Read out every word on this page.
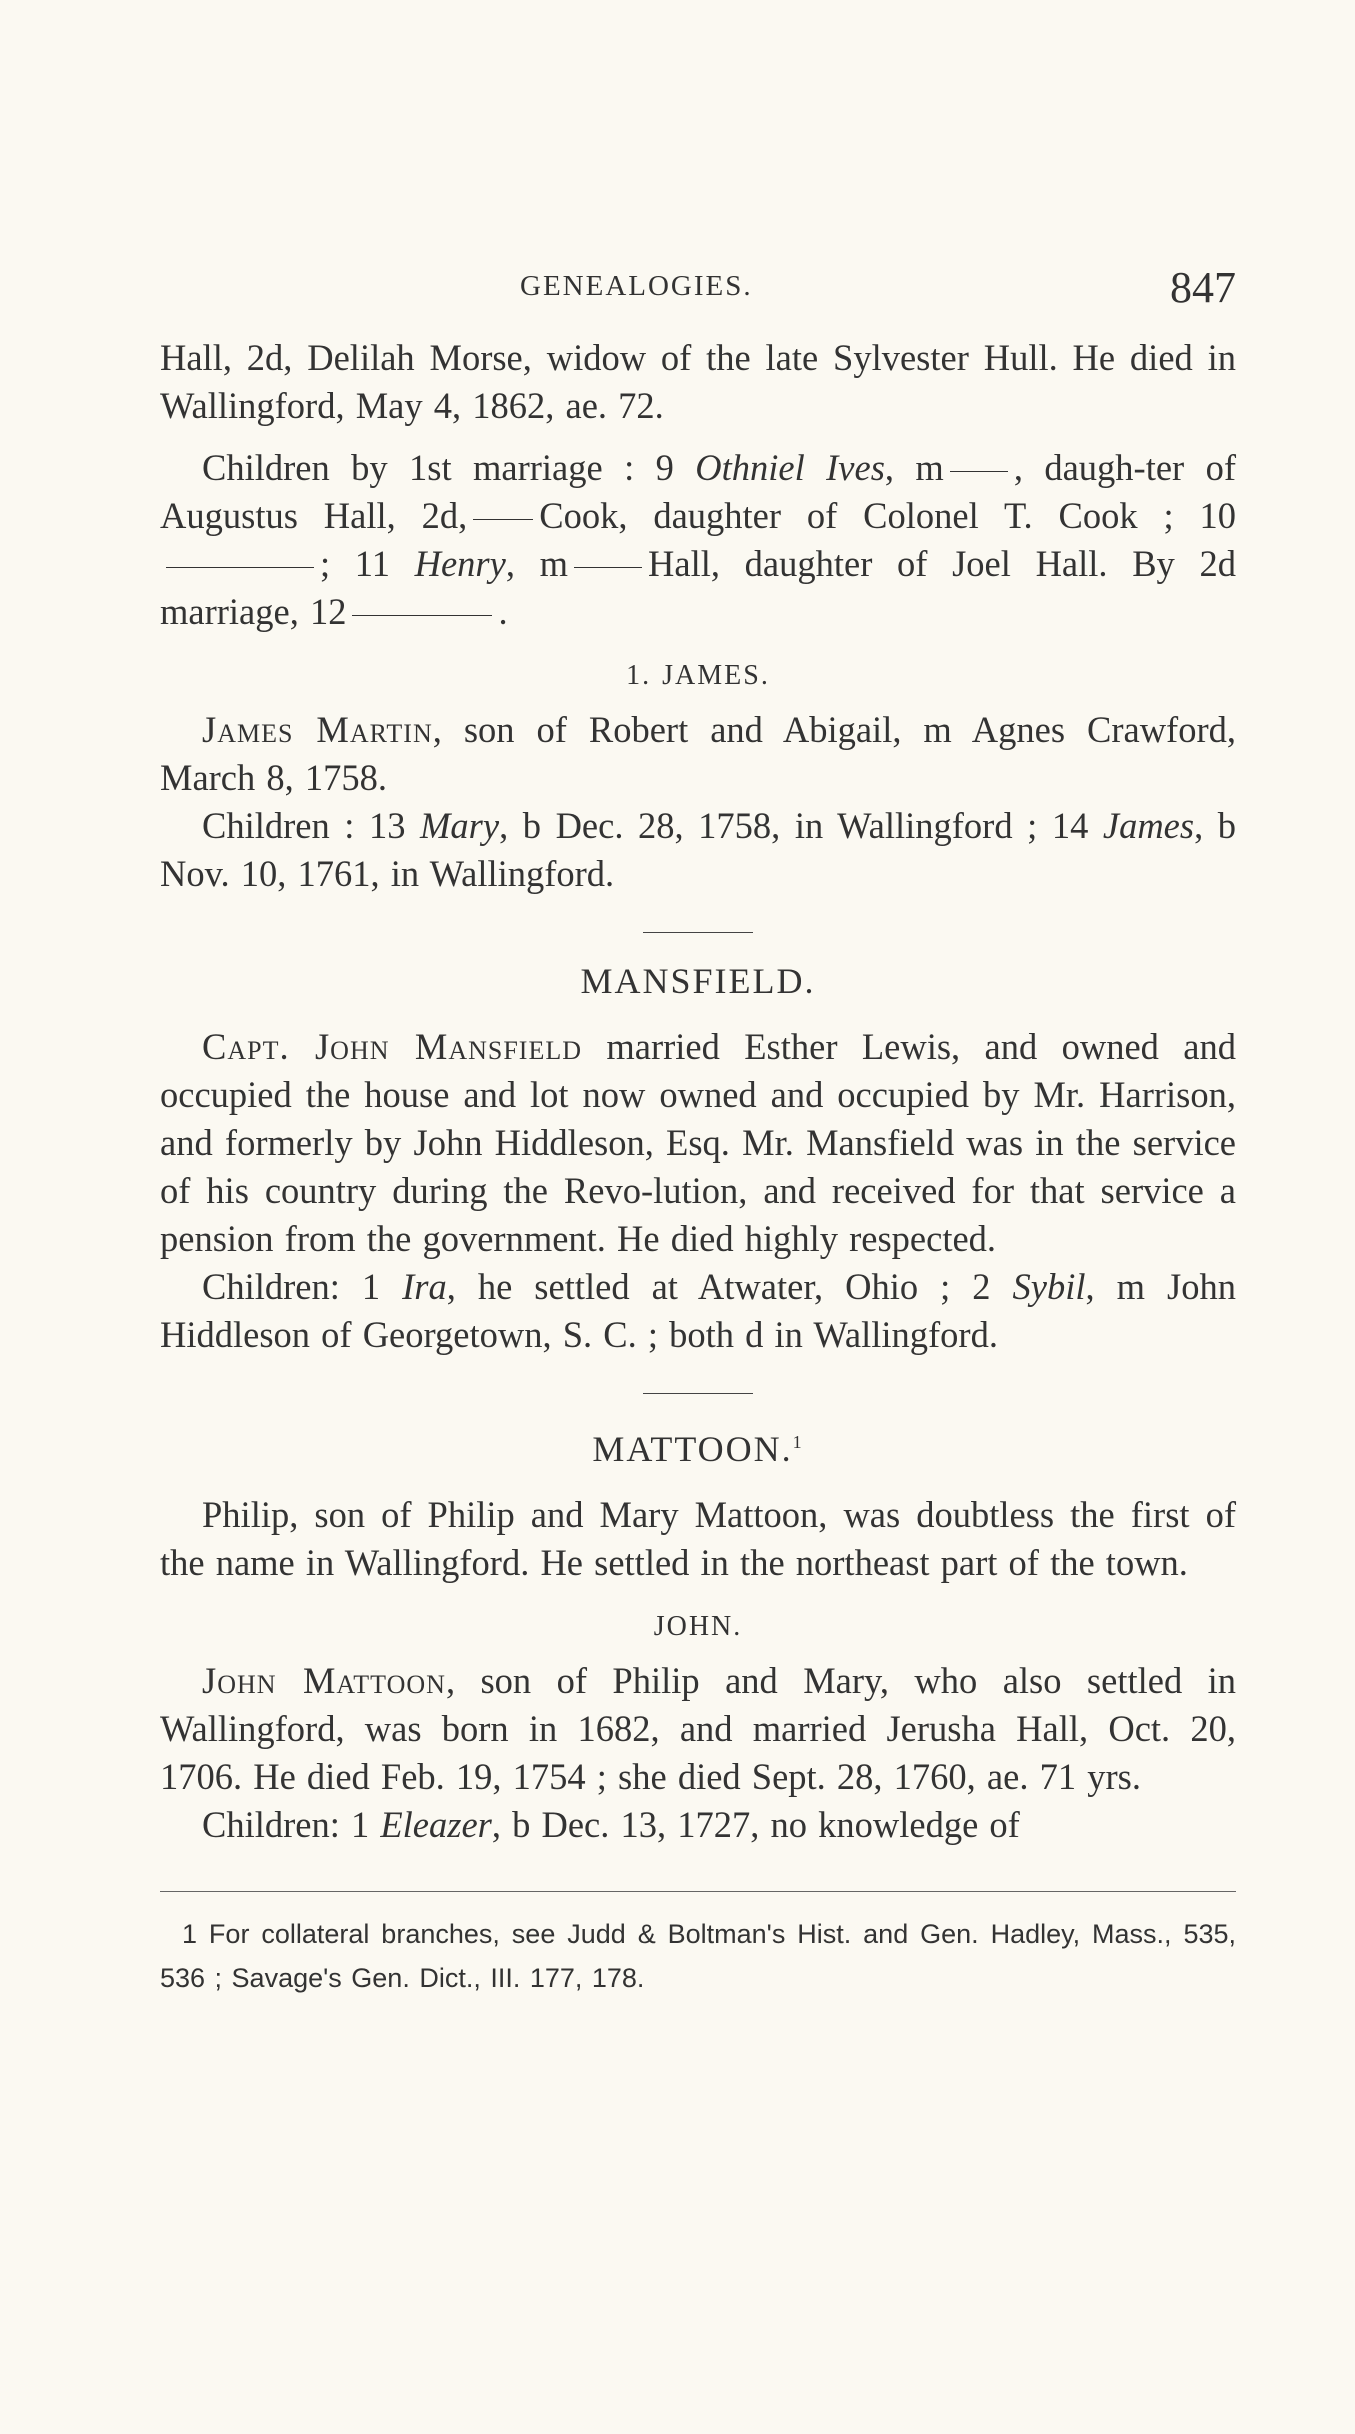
GENEALOGIES.	847

Hall, 2d, Delilah Morse, widow of the late Sylvester Hull. He died in Wallingford, May 4, 1862, ae. 72.

Children by 1st marriage : 9 Othniel Ives, m , daugh-ter of Augustus Hall, 2d, Cook, daughter of Colonel T. Cook ; 10; 11 Henry, m Hall, daughter of Joel Hall. By 2d marriage, 12	.

1. JAMES.

James Martin, son of Robert and Abigail, m Agnes Crawford, March 8, 1758.

Children : 13 Mary, b Dec. 28, 1758, in Wallingford ; 14 James, b Nov. 10, 1761, in Wallingford.

MANSFIELD.

Capt. John Mansfield married Esther Lewis, and owned and occupied the house and lot now owned and occupied by Mr. Harrison, and formerly by John Hiddleson, Esq. Mr. Mansfield was in the service of his country during the Revo-lution, and received for that service a pension from the government. He died highly respected.

Children: 1 Ira, he settled at Atwater, Ohio ; 2 Sybil, m John Hiddleson of Georgetown, S. C. ; both d in Wallingford.

MATTOON.$^1$

Philip, son of Philip and Mary Mattoon, was doubtless the first of the name in Wallingford. He settled in the northeast part of the town.

JOHN.

John Mattoon, son of Philip and Mary, who also settled in Wallingford, was born in 1682, and married Jerusha Hall, Oct. 20, 1706. He died Feb. 19, 1754 ; she died Sept. 28, 1760, ae. 71 yrs.

Children: 1 Eleazer, b Dec. 13, 1727, no knowledge of

1 For collateral branches, see Judd & Boltman's Hist. and Gen. Hadley, Mass., 535, 536 ; Savage's Gen. Dict., III. 177, 178.
